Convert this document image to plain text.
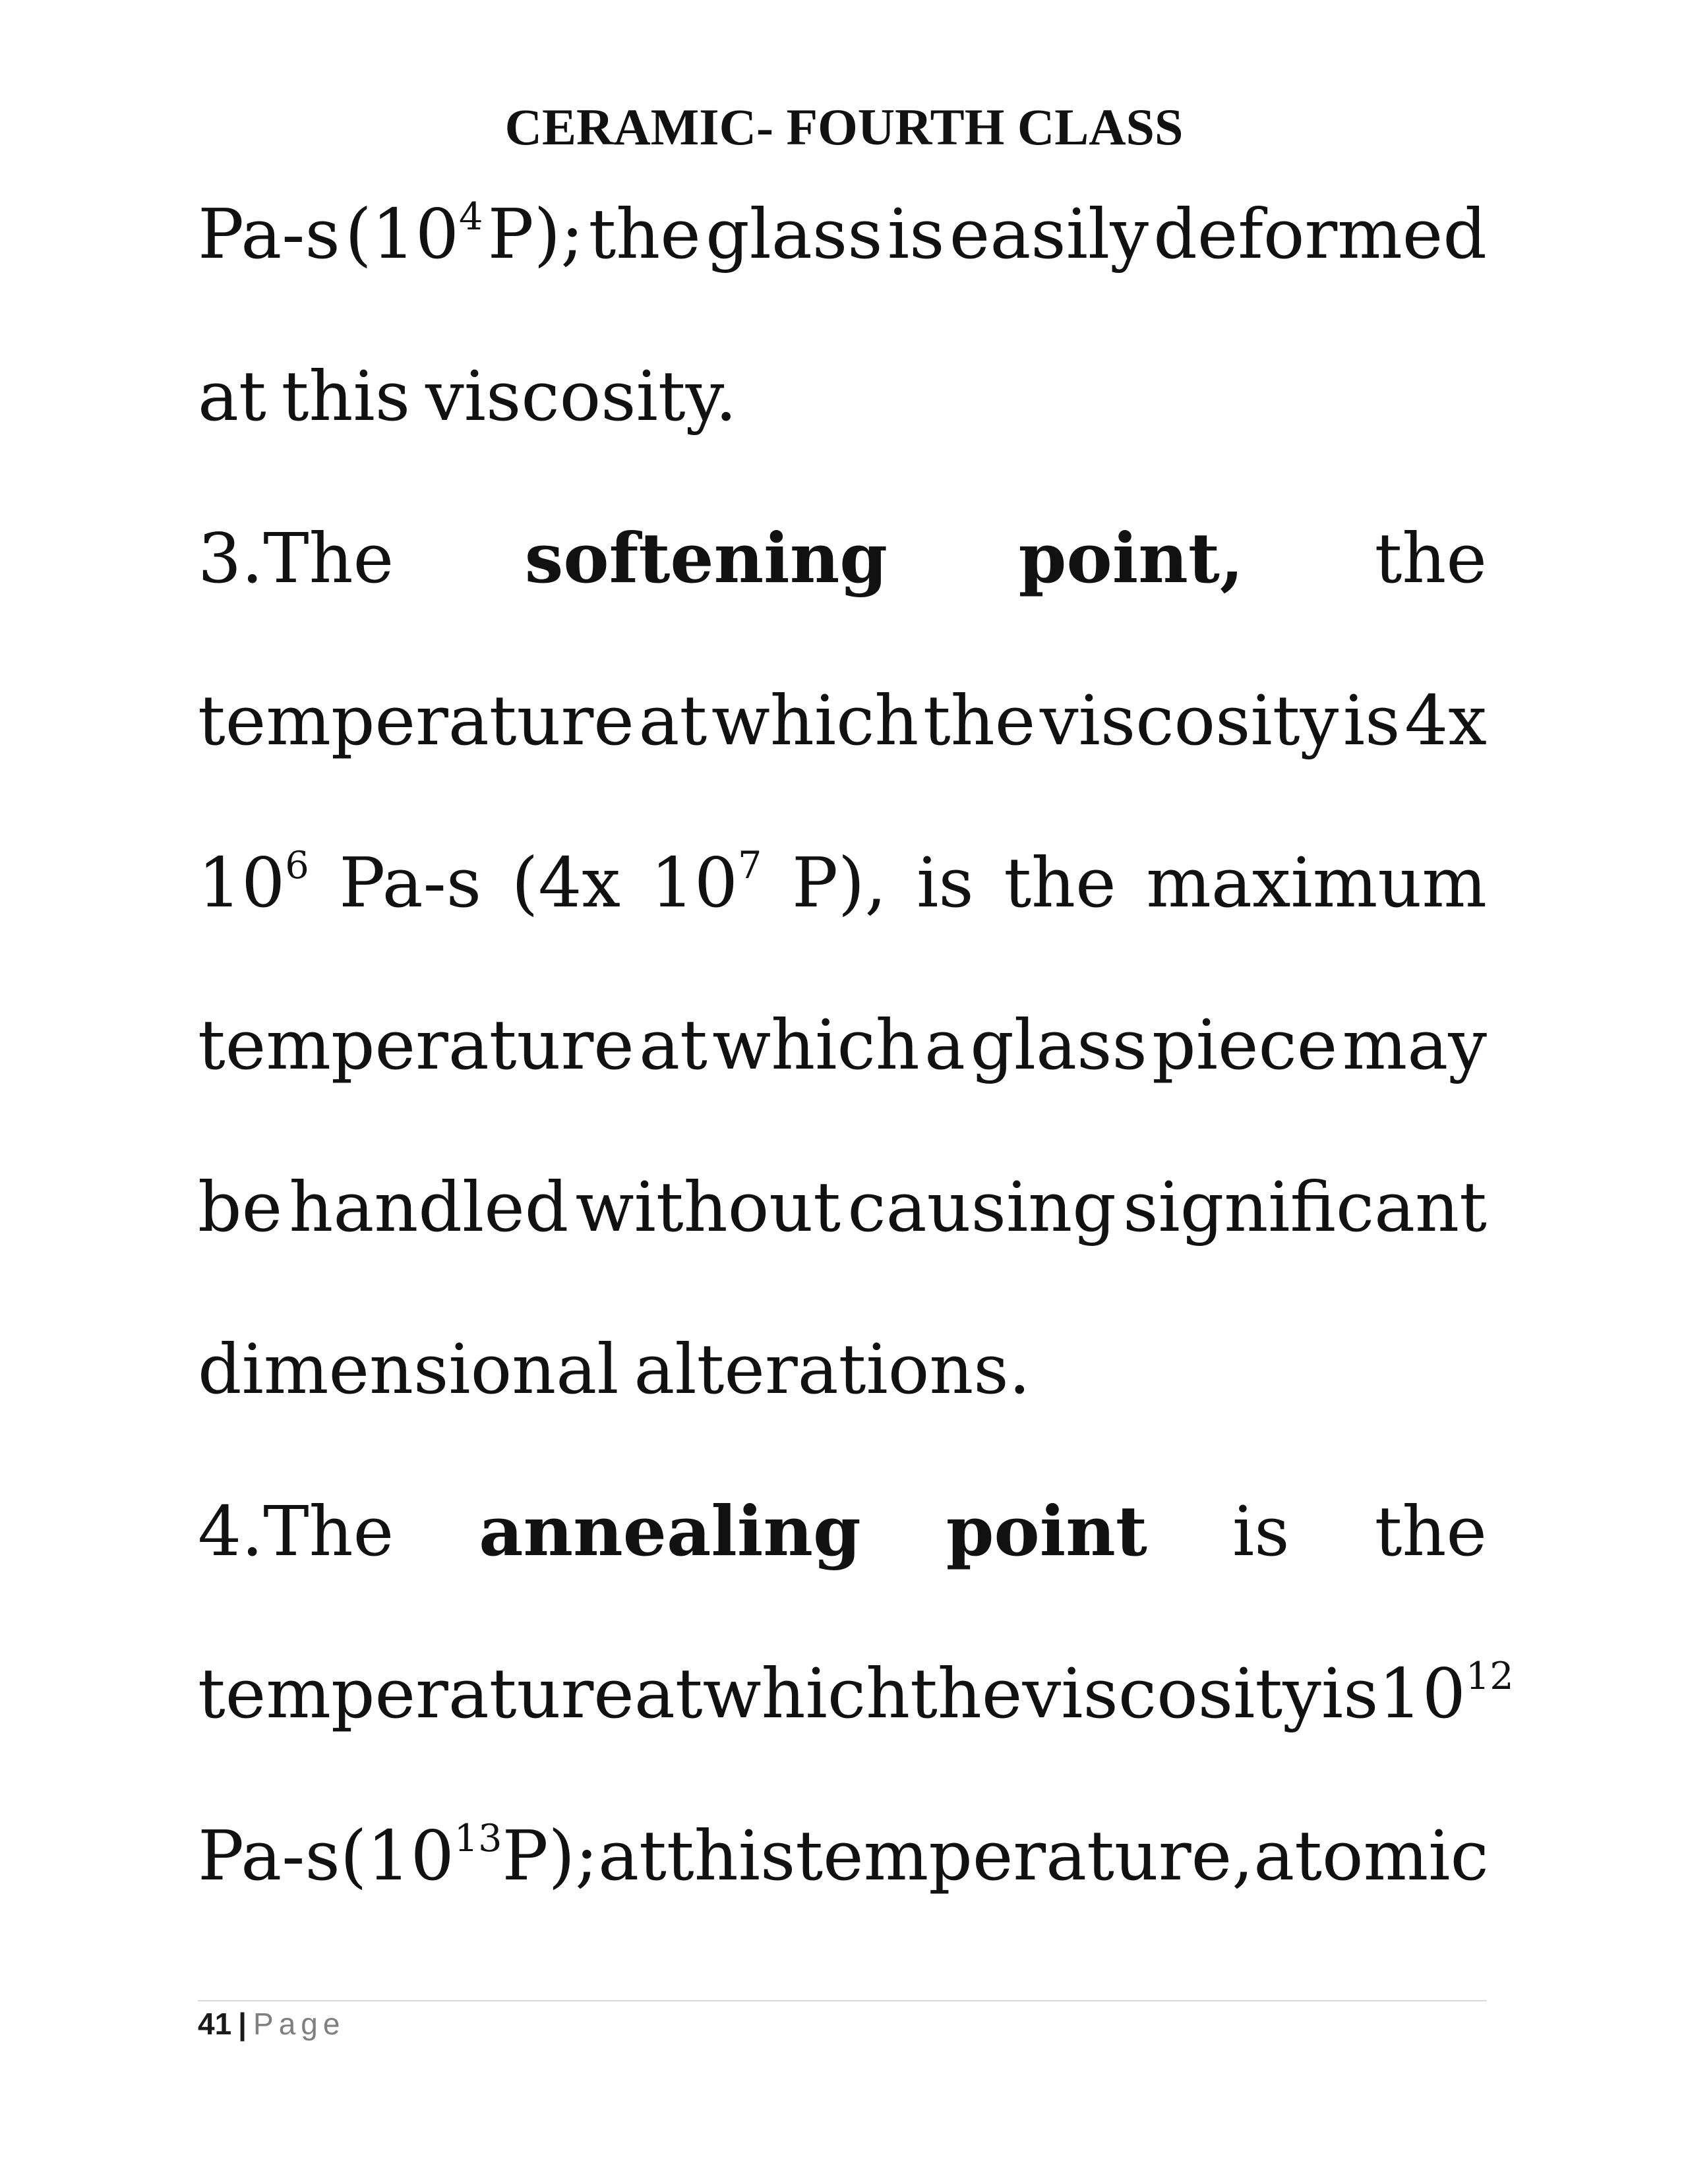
CERAMIC- FOURTH CLASS
Pa-s ($10^4$ P); the glass is easily deformed
at this viscosity.
3.The softening point, the
temperature at which the viscosity is 4x
$10^6$ Pa-s (4x $10^7$ P), is the maximum
temperature at which a glass piece may
be handled without causing significant
dimensional alterations.
4.The annealing point is the
temperature at which the viscosity is $10^{12}$
Pa-s ($10^{13}$ P); at this temperature, atomic
41 | Page
